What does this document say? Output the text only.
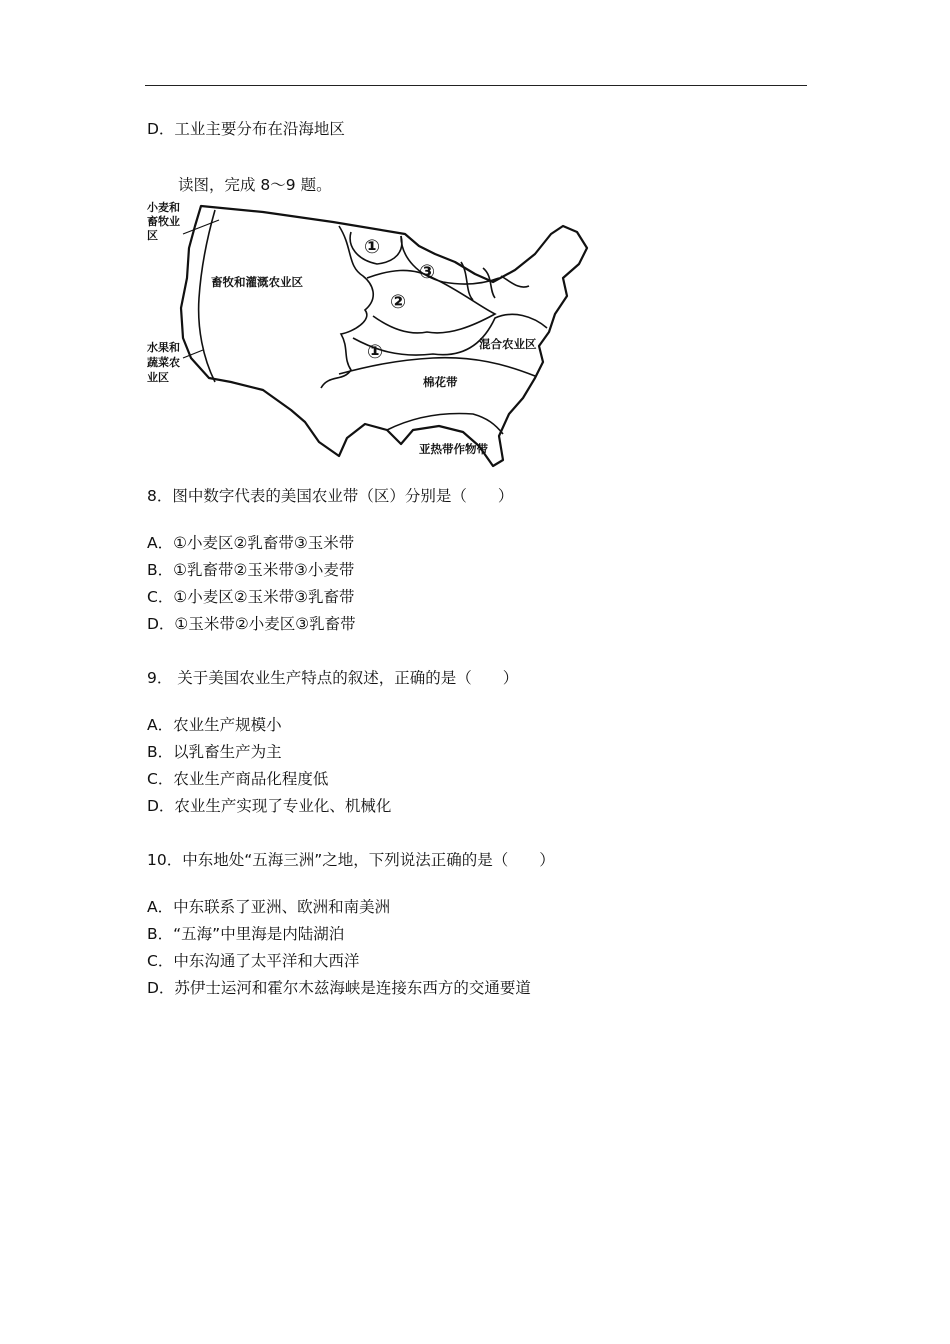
D．工业主要分布在沿海地区
读图，完成 8～9 题。
小麦和
畜牧业
区
水果和
蔬菜农
业区
畜牧和灌溉农业区
混合农业区
棉花带
亚热带作物带
①
③
②
①
8．图中数字代表的美国农业带（区）分别是（　　）
A．①小麦区②乳畜带③玉米带
B．①乳畜带②玉米带③小麦带
C．①小麦区②玉米带③乳畜带
D．①玉米带②小麦区③乳畜带
9． 关于美国农业生产特点的叙述，正确的是（　　）
A．农业生产规模小
B．以乳畜生产为主
C．农业生产商品化程度低
D．农业生产实现了专业化、机械化
10．中东地处“五海三洲”之地，下列说法正确的是（　　）
A．中东联系了亚洲、欧洲和南美洲
B．“五海”中里海是内陆湖泊
C．中东沟通了太平洋和大西洋
D．苏伊士运河和霍尔木兹海峡是连接东西方的交通要道
